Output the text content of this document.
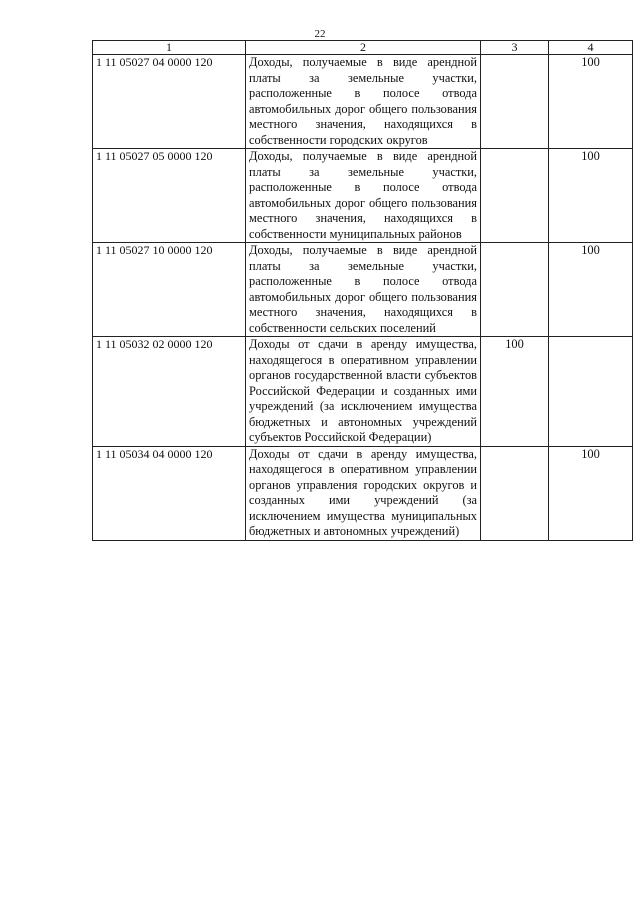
22
1	2	3	4
1 11 05027 04 0000 120	Доходы, получаемые в виде арендной платы за земельные участки, расположенные в полосе отвода автомобильных дорог общего пользования местного значения, находящихся в собственности городских округов		100
1 11 05027 05 0000 120	Доходы, получаемые в виде арендной платы за земельные участки, расположенные в полосе отвода автомобильных дорог общего пользования местного значения, находящихся в собственности муниципальных районов		100
1 11 05027 10 0000 120	Доходы, получаемые в виде арендной платы за земельные участки, расположенные в полосе отвода автомобильных дорог общего пользования местного значения, находящихся в собственности сельских поселений		100
1 11 05032 02 0000 120	Доходы от сдачи в аренду имущества, находящегося в оперативном управлении органов государственной власти субъектов Российской Федерации и созданных ими учреждений (за исключением имущества бюджетных и автономных учреждений субъектов Российской Федерации)	100	
1 11 05034 04 0000 120	Доходы от сдачи в аренду имущества, находящегося в оперативном управлении органов управления городских округов и созданных ими учреждений (за исключением имущества муниципальных бюджетных и автономных учреждений)		100
